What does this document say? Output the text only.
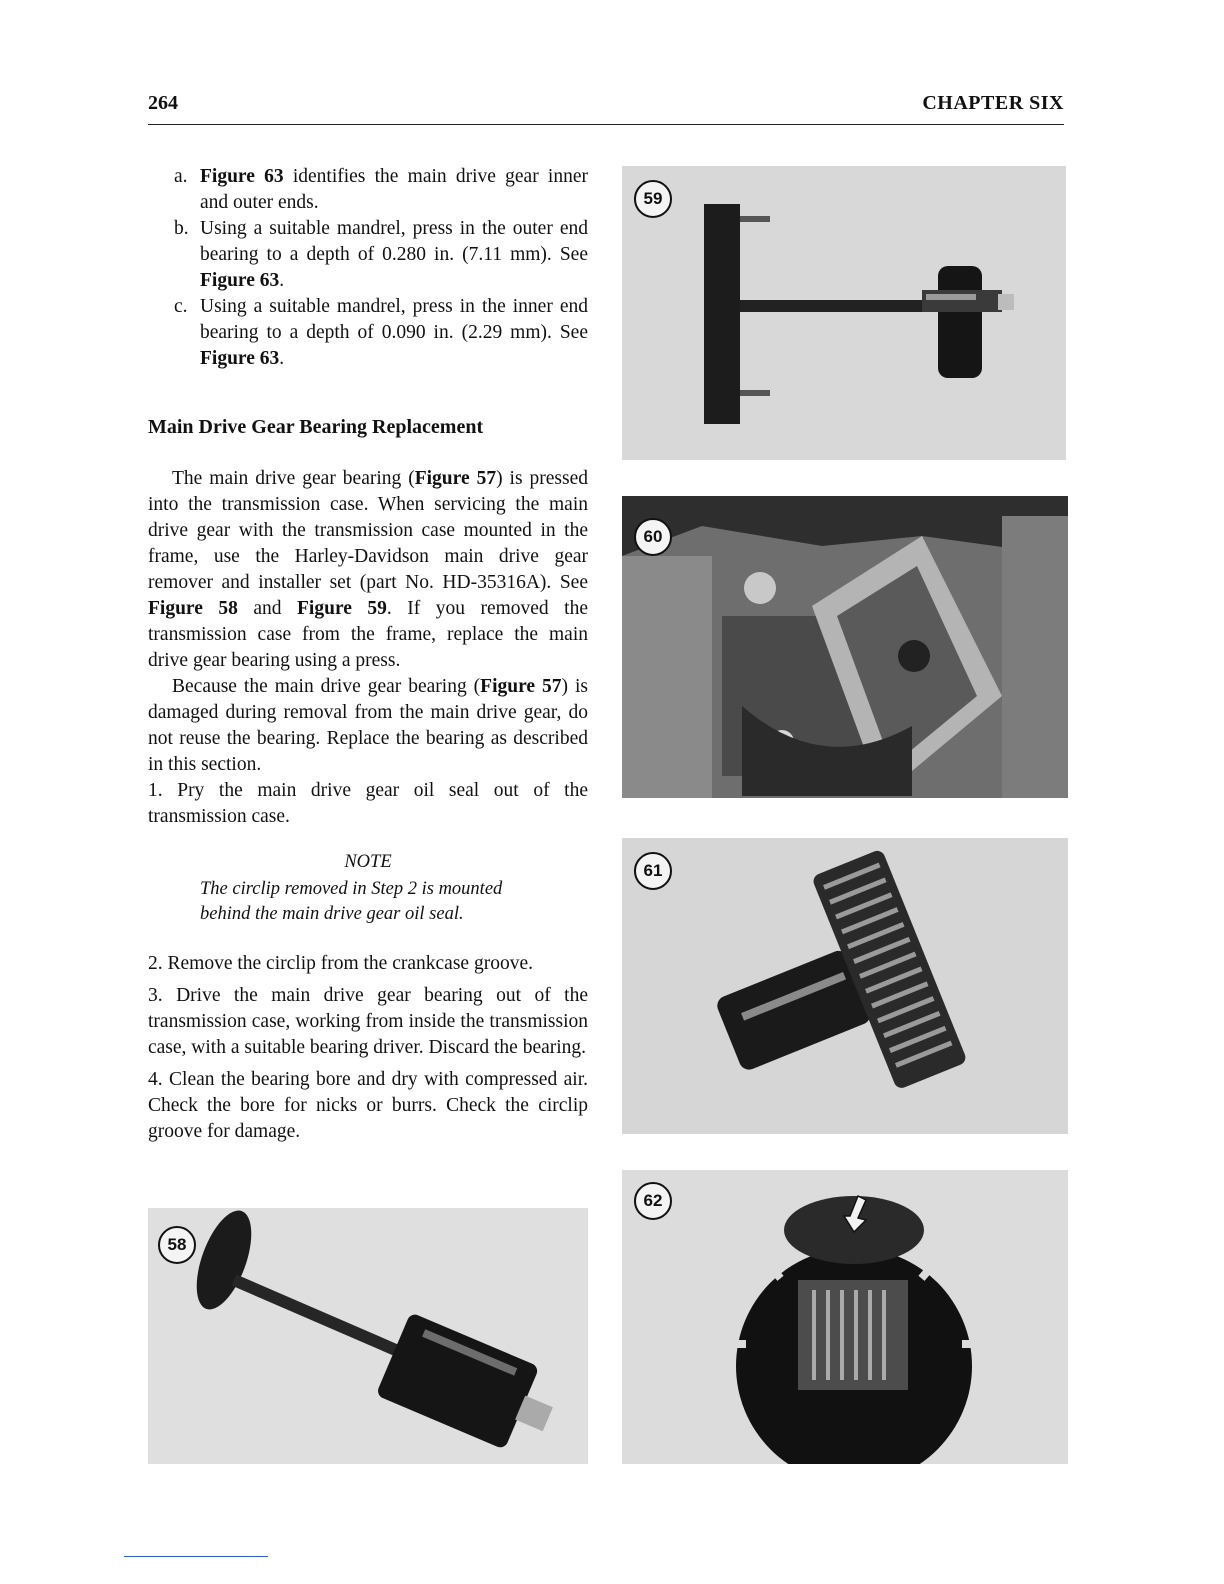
264	CHAPTER SIX
a. Figure 63 identifies the main drive gear inner and outer ends.
b. Using a suitable mandrel, press in the outer end bearing to a depth of 0.280 in. (7.11 mm). See Figure 63.
c. Using a suitable mandrel, press in the inner end bearing to a depth of 0.090 in. (2.29 mm). See Figure 63.
Main Drive Gear Bearing Replacement

The main drive gear bearing (Figure 57) is pressed into the transmission case. When servicing the main drive gear with the transmission case mounted in the frame, use the Harley-Davidson main drive gear remover and installer set (part No. HD-35316A). See Figure 58 and Figure 59. If you removed the transmission case from the frame, replace the main drive gear bearing using a press.

Because the main drive gear bearing (Figure 57) is damaged during removal from the main drive gear, do not reuse the bearing. Replace the bearing as described in this section.

1. Pry the main drive gear oil seal out of the transmission case.

NOTE
The circlip removed in Step 2 is mounted behind the main drive gear oil seal.

2. Remove the circlip from the crankcase groove.

3. Drive the main drive gear bearing out of the transmission case, working from inside the transmission case, with a suitable bearing driver. Discard the bearing.

4. Clean the bearing bore and dry with compressed air. Check the bore for nicks or burrs. Check the circlip groove for damage.

59
60
61
62
58
